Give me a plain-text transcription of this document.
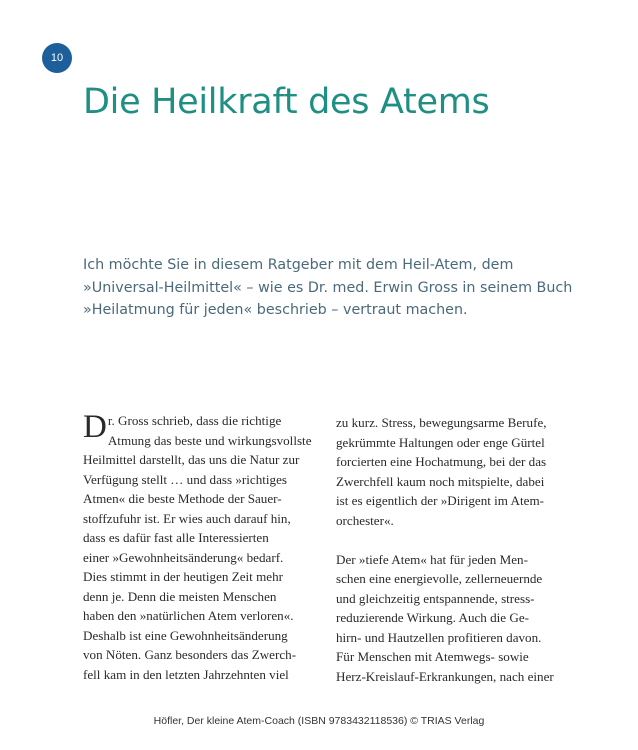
10
Die Heilkraft des Atems
Ich möchte Sie in diesem Ratgeber mit dem Heil-Atem, dem
»Universal-Heilmittel« – wie es Dr. med. Erwin Gross in seinem Buch
»Heilatmung für jeden« beschrieb – vertraut machen.
D r. Gross schrieb, dass die richtige
Atmung das beste und wirkungsvollste
Heilmittel darstellt, das uns die Natur zur
Verfügung stellt … und dass »richtiges
Atmen« die beste Methode der Sauer-
stoffzufuhr ist. Er wies auch darauf hin,
dass es dafür fast alle Interessierten
einer »Gewohnheitsänderung« bedarf.
Dies stimmt in der heutigen Zeit mehr
denn je. Denn die meisten Menschen
haben den »natürlichen Atem verloren«.
Deshalb ist eine Gewohnheitsänderung
von Nöten. Ganz besonders das Zwerch-
fell kam in den letzten Jahrzehnten viel
zu kurz. Stress, bewegungsarme Berufe,
gekrümmte Haltungen oder enge Gürtel
forcierten eine Hochatmung, bei der das
Zwerchfell kaum noch mitspielte, dabei
ist es eigentlich der »Dirigent im Atem-
orchester«.
Der »tiefe Atem« hat für jeden Men-
schen eine energievolle, zellerneuernde
und gleichzeitig entspannende, stress-
reduzierende Wirkung. Auch die Ge-
hirn- und Hautzellen profitieren davon.
Für Menschen mit Atemwegs- sowie
Herz-Kreislauf-Erkrankungen, nach einer
Höfler, Der kleine Atem-Coach (ISBN 9783432118536) © TRIAS Verlag
